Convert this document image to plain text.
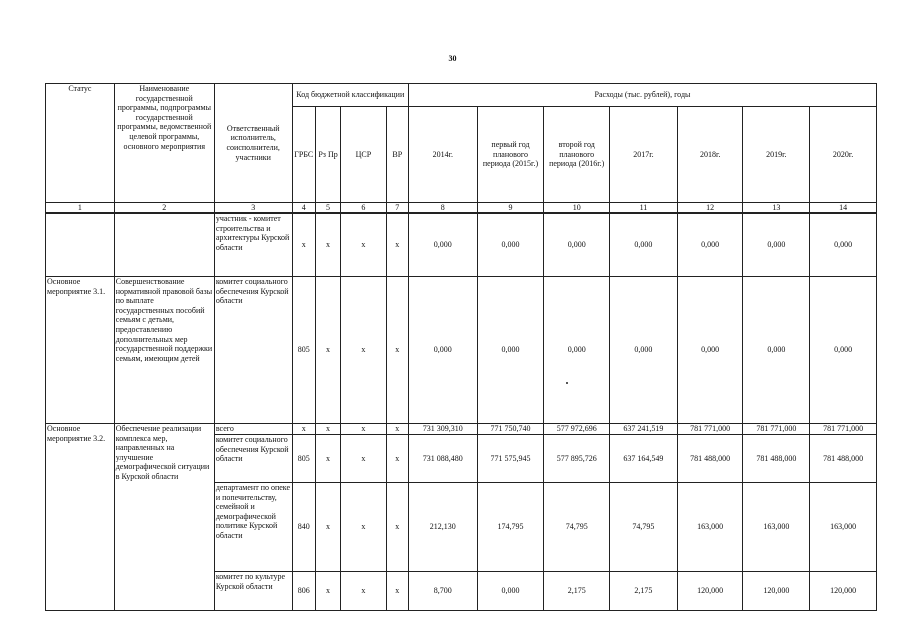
30
Статус	Наименование государственной программы, подпрограммы государственной программы, ведомственной целевой программы, основного мероприятия	Ответственный исполнитель, соисполнители, участники	Код бюджетной классификации				Расходы (тыс. рублей), годы						
			ГРБС	Рз Пр	ЦСР	ВР	2014г.	первый год планового периода (2015г.)	второй год планового периода (2016г.)	2017г.	2018г.	2019г.	2020г.
1	2	3	4	5	6	7	8	9	10	11	12	13	14
		участник - комитет строительства и архитектуры Курской области	х	х	х	х	0,000	0,000	0,000	0,000	0,000	0,000	0,000
Основное мероприятие 3.1.	Совершенствование нормативной правовой базы по выплате государственных пособий семьям с детьми, предоставлению дополнительных мер государственной поддержки семьям, имеющим детей	комитет социального обеспечения Курской области	805	х	х	х	0,000	0,000	0,000	0,000	0,000	0,000	0,000
Основное мероприятие 3.2.	Обеспечение реализации комплекса мер, направленных на улучшение демографической ситуации в Курской области	всего	х	х	х	х	731 309,310	771 750,740	577 972,696	637 241,519	781 771,000	781 771,000	781 771,000
		комитет социального обеспечения Курской области	805	х	х	х	731 088,480	771 575,945	577 895,726	637 164,549	781 488,000	781 488,000	781 488,000
		департамент по опеке и попечительству, семейной и демографической политике Курской области	840	х	х	х	212,130	174,795	74,795	74,795	163,000	163,000	163,000
		комитет по культуре Курской области	806	х	х	х	8,700	0,000	2,175	2,175	120,000	120,000	120,000
